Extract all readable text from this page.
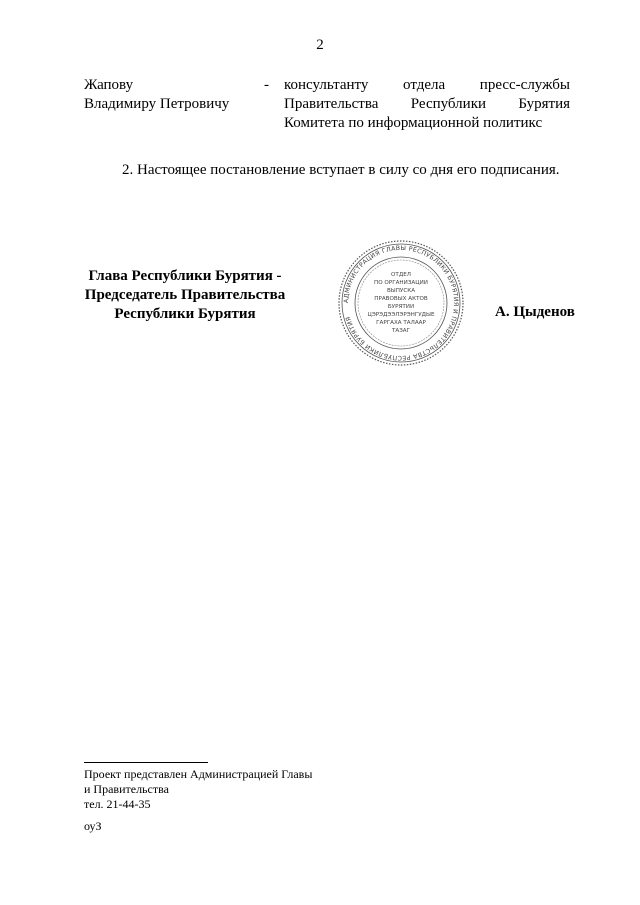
2
Жапову
Владимиру Петровичу
- консультанту отдела пресс-службы Правительства Республики Бурятия Комитета по информационной политикс
2. Настоящее постановление вступает в силу со дня его подписания.
Глава Республики Бурятия -
Председатель Правительства
Республики Бурятия
АДМИНИСТРАЦИЯ ГЛАВЫ РЕСПУБЛИКИ БУРЯТИЯ И ПРАВИТЕЛЬСТВА РЕСПУБЛИКИ БУРЯТИЯ
ОТДЕЛ
ПО ОРГАНИЗАЦИИ
ВЫПУСКА
ПРАВОВЫХ АКТОВ
БУРЯТИИ
ЦЭРЭДЭЭЛЭРЭНГУДЫЕ
ГАРГАХА ТАЛААР
ТАЗАГ
А. Цыденов
Проект представлен Администрацией Главы
и Правительства
тел. 21-44-35
оуЗ
